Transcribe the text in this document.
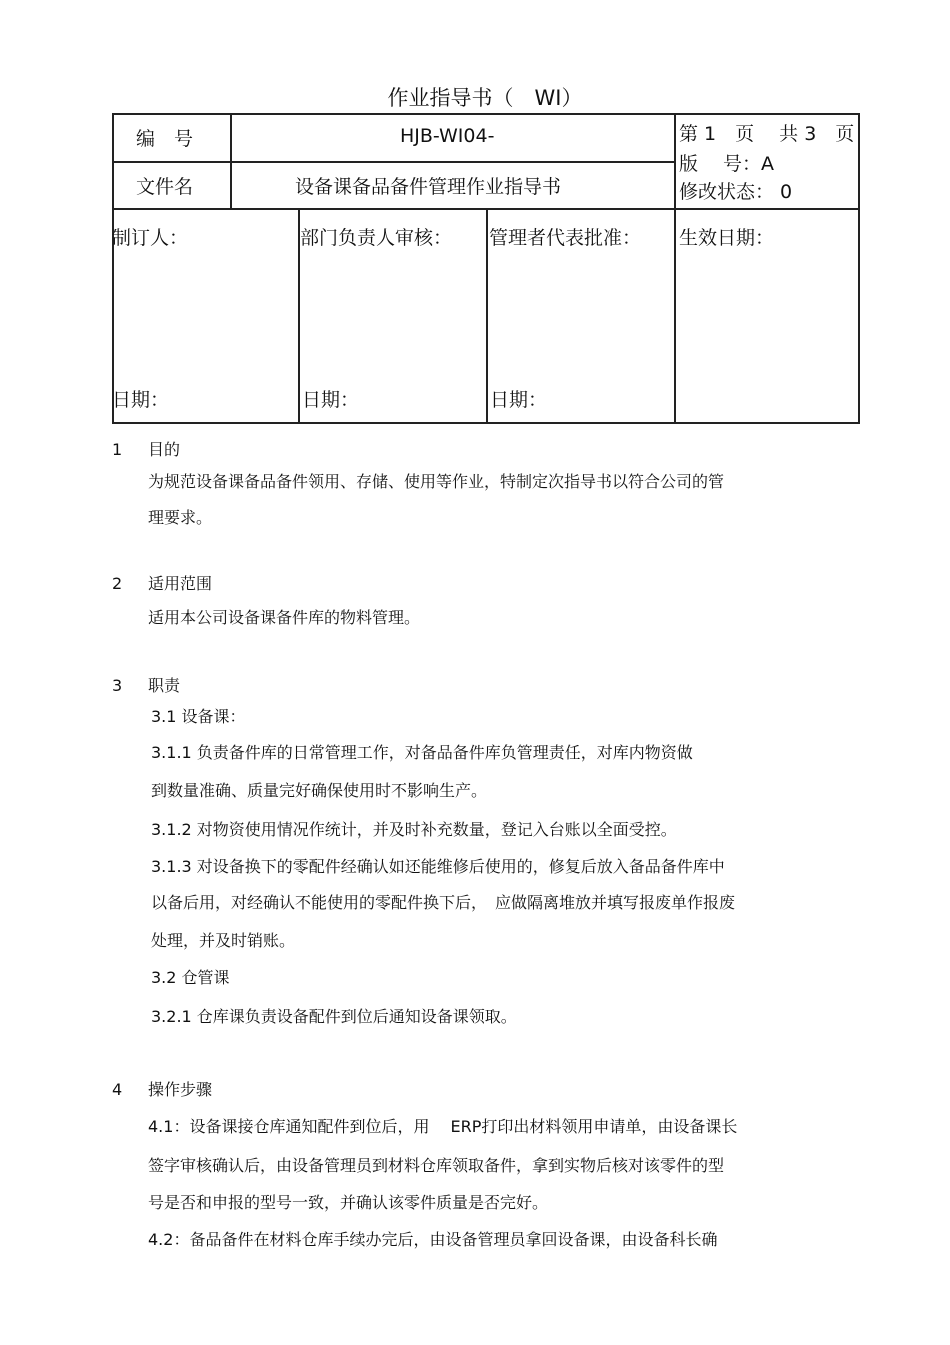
作业指导书（　WI）
编　号	HJB-WI04-	第 1　页　 共 3　页
版　 号：A
文件名	设备课备品备件管理作业指导书	修改状态： 0
制订人：	部门负责人审核： 管理者代表批准： 生效日期：
日期：	日期：	日期：
1 目的
为规范设备课备品备件领用、存储、使用等作业，特制定次指导书以符合公司的管
理要求。
2 适用范围
适用本公司设备课备件库的物料管理。
3 职责
3.1 设备课：
3.1.1 负责备件库的日常管理工作，对备品备件库负管理责任，对库内物资做
到数量准确、质量完好确保使用时不影响生产。
3.1.2 对物资使用情况作统计，并及时补充数量，登记入台账以全面受控。
3.1.3 对设备换下的零配件经确认如还能维修后使用的，修复后放入备品备件库中
以备后用，对经确认不能使用的零配件换下后，　应做隔离堆放并填写报废单作报废
处理，并及时销账。
3.2 仓管课
3.2.1 仓库课负责设备配件到位后通知设备课领取。
4 操作步骤
4.1：设备课接仓库通知配件到位后，用　 ERP打印出材料领用申请单，由设备课长
签字审核确认后，由设备管理员到材料仓库领取备件，拿到实物后核对该零件的型
号是否和申报的型号一致，并确认该零件质量是否完好。
4.2：备品备件在材料仓库手续办完后，由设备管理员拿回设备课，由设备科长确
